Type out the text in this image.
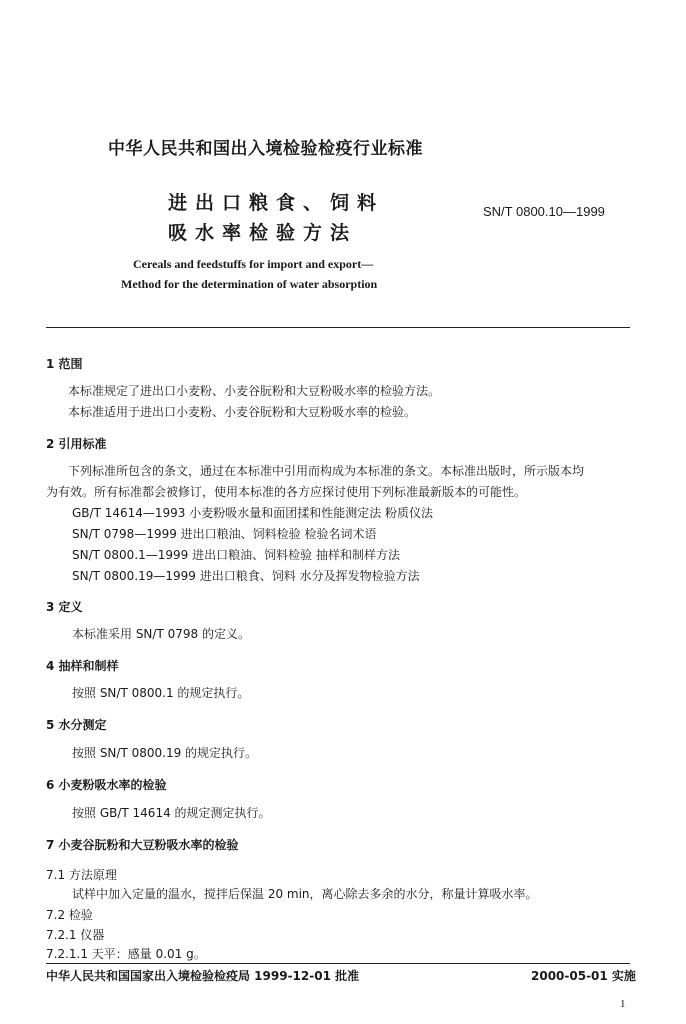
中华人民共和国出入境检验检疫行业标准
进出口粮食、饲料
吸水率检验方法
SN/T 0800.10—1999
Cereals and feedstuffs for import and export—
Method for the determination of water absorption
1 范围
本标准规定了进出口小麦粉、小麦谷朊粉和大豆粉吸水率的检验方法。
本标准适用于进出口小麦粉、小麦谷朊粉和大豆粉吸水率的检验。
2 引用标准
下列标准所包含的条文，通过在本标准中引用而构成为本标准的条文。本标准出版时，所示版本均
为有效。所有标准都会被修订，使用本标准的各方应探讨使用下列标准最新版本的可能性。
GB/T 14614—1993 小麦粉吸水量和面团揉和性能测定法 粉质仪法
SN/T 0798—1999 进出口粮油、饲料检验 检验名词术语
SN/T 0800.1—1999 进出口粮油、饲料检验 抽样和制样方法
SN/T 0800.19—1999 进出口粮食、饲料 水分及挥发物检验方法
3 定义
本标准采用 SN/T 0798 的定义。
4 抽样和制样
按照 SN/T 0800.1 的规定执行。
5 水分测定
按照 SN/T 0800.19 的规定执行。
6 小麦粉吸水率的检验
按照 GB/T 14614 的规定测定执行。
7 小麦谷朊粉和大豆粉吸水率的检验
7.1 方法原理
试样中加入定量的温水，搅拌后保温 20 min，离心除去多余的水分，称量计算吸水率。
7.2 检验
7.2.1 仪器
7.2.1.1 天平：感量 0.01 g。
中华人民共和国国家出入境检验检疫局 1999-12-01 批准	2000-05-01 实施
1
